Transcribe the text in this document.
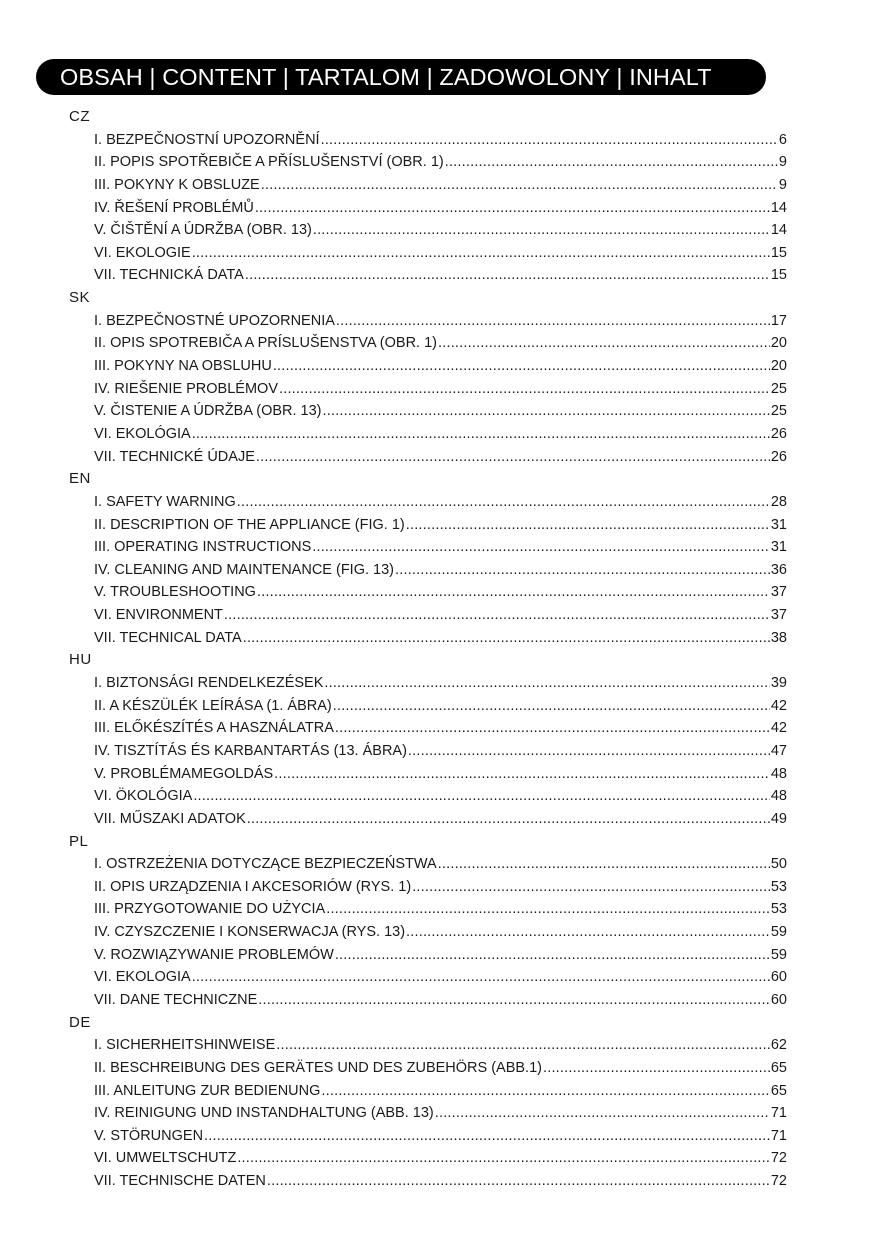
OBSAH | CONTENT | TARTALOM | ZADOWOLONY | INHALT
CZ
I. BEZPEČNOSTNÍ UPOZORNĚNÍ .....	6
II. POPIS SPOTŘEBIČE A PŘÍSLUŠENSTVÍ (OBR. 1) .....	9
III. POKYNY K OBSLUZE .....	9
IV. ŘEŠENÍ PROBLÉMŮ .....	14
V. ČIŠTĚNÍ A ÚDRŽBA (OBR. 13) .....	14
VI. EKOLOGIE .....	15
VII. TECHNICKÁ DATA .....	15
SK
I. BEZPEČNOSTNÉ UPOZORNENIA .....	17
II. OPIS SPOTREBIČA A PRÍSLUŠENSTVA (OBR. 1) .....	20
III. POKYNY NA OBSLUHU .....	20
IV. RIEŠENIE PROBLÉMOV .....	25
V. ČISTENIE A ÚDRŽBA (OBR. 13) .....	25
VI. EKOLÓGIA .....	26
VII. TECHNICKÉ ÚDAJE .....	26
EN
I. SAFETY WARNING .....	28
II. DESCRIPTION OF THE APPLIANCE (FIG. 1) .....	31
III. OPERATING INSTRUCTIONS .....	31
IV. CLEANING AND MAINTENANCE (FIG. 13) .....	36
V. TROUBLESHOOTING .....	37
VI. ENVIRONMENT .....	37
VII. TECHNICAL DATA .....	38
HU
I. BIZTONSÁGI RENDELKEZÉSEK .....	39
II. A KÉSZÜLÉK LEÍRÁSA (1. ÁBRA) .....	42
III. ELŐKÉSZÍTÉS A HASZNÁLATRA .....	42
IV. TISZTÍTÁS ÉS KARBANTARTÁS (13. ÁBRA) .....	47
V. PROBLÉMAMEGOLDÁS .....	48
VI. ÖKOLÓGIA .....	48
VII. MŰSZAKI ADATOK .....	49
PL
I. OSTRZEŻENIA DOTYCZĄCE BEZPIECZEŃSTWA .....	50
II. OPIS URZĄDZENIA I AKCESORIÓW (RYS. 1) .....	53
III. PRZYGOTOWANIE DO UŻYCIA .....	53
IV. CZYSZCZENIE I KONSERWACJA (RYS. 13) .....	59
V. ROZWIĄZYWANIE PROBLEMÓW .....	59
VI. EKOLOGIA .....	60
VII. DANE TECHNICZNE .....	60
DE
I. SICHERHEITSHINWEISE .....	62
II. BESCHREIBUNG DES GERÄTES UND DES ZUBEHÖRS (ABB.1) .....	65
III. ANLEITUNG ZUR BEDIENUNG .....	65
IV. REINIGUNG UND INSTANDHALTUNG (ABB. 13) .....	71
V. STÖRUNGEN .....	71
VI. UMWELTSCHUTZ .....	72
VII. TECHNISCHE DATEN .....	72
